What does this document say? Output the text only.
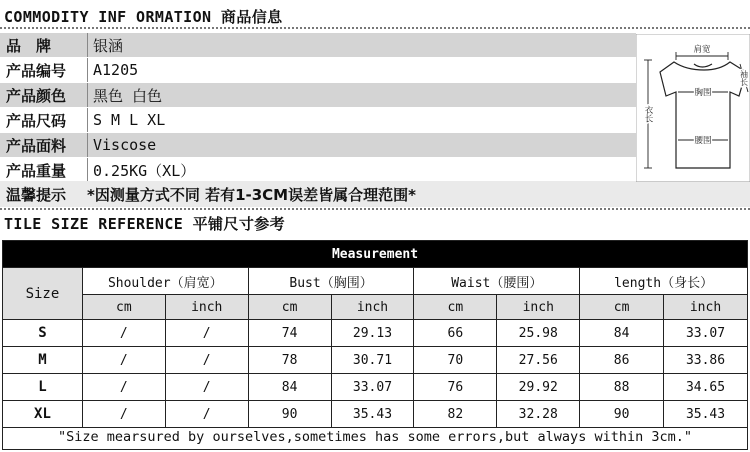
COMMODITY INF ORMATION 商品信息
品　牌	银涵
产品编号	A1205
产品颜色	黑色 白色
产品尺码	S M L XL
产品面料	Viscose
产品重量	0.25KG（XL）
温馨提示	*因测量方式不同 若有1-3CM误差皆属合理范围*
肩宽
胸围
腰围
衣长
袖长
TILE SIZE REFERENCE 平铺尺寸参考
Measurement								
Size	Shoulder（肩宽）		Bust（胸围）		Waist（腰围）		length（身长）	
	cm	inch	cm	inch	cm	inch	cm	inch
S	/	/	74	29.13	66	25.98	84	33.07
M	/	/	78	30.71	70	27.56	86	33.86
L	/	/	84	33.07	76	29.92	88	34.65
XL	/	/	90	35.43	82	32.28	90	35.43
"Size mearsured by ourselves,sometimes has some errors,but always within 3cm."
